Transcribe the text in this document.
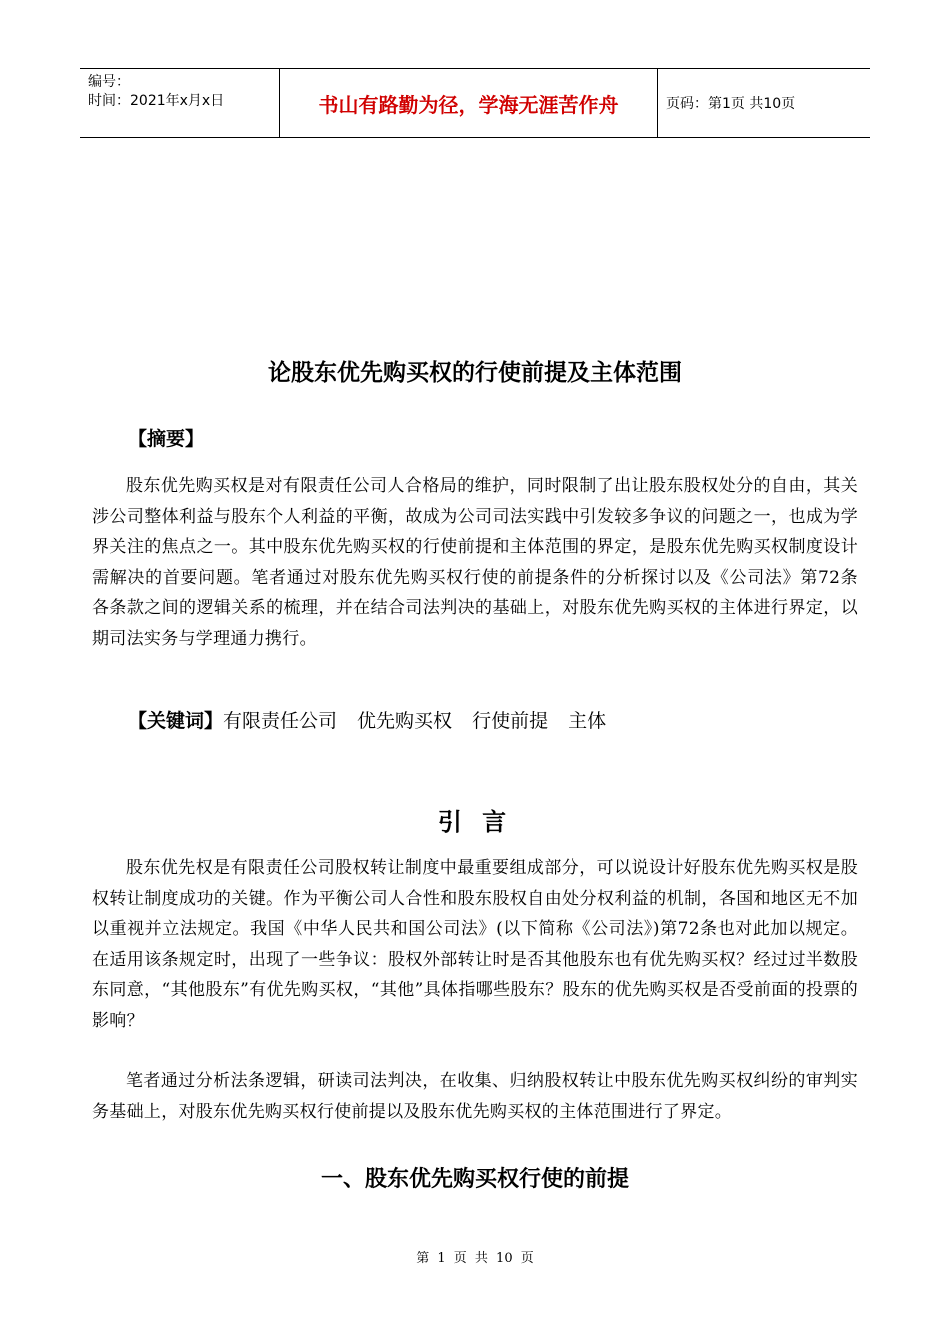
编号：
时间：2021年x月x日	书山有路勤为径，学海无涯苦作舟	页码：第1页 共10页
论股东优先购买权的行使前提及主体范围
【摘要】
股东优先购买权是对有限责任公司人合格局的维护，同时限制了出让股东股权处分的自由，其关涉公司整体利益与股东个人利益的平衡，故成为公司司法实践中引发较多争议的问题之一，也成为学界关注的焦点之一。其中股东优先购买权的行使前提和主体范围的界定，是股东优先购买权制度设计需解决的首要问题。笔者通过对股东优先购买权行使的前提条件的分析探讨以及《公司法》第72条各条款之间的逻辑关系的梳理，并在结合司法判决的基础上，对股东优先购买权的主体进行界定，以期司法实务与学理通力携行。
【关键词】有限责任公司 优先购买权 行使前提 主体
引 言
股东优先权是有限责任公司股权转让制度中最重要组成部分，可以说设计好股东优先购买权是股权转让制度成功的关键。作为平衡公司人合性和股东股权自由处分权利益的机制，各国和地区无不加以重视并立法规定。我国《中华人民共和国公司法》(以下简称《公司法》)第72条也对此加以规定。在适用该条规定时，出现了一些争议：股权外部转让时是否其他股东也有优先购买权？经过过半数股东同意，“其他股东”有优先购买权，“其他”具体指哪些股东？股东的优先购买权是否受前面的投票的影响？
笔者通过分析法条逻辑，研读司法判决，在收集、归纳股权转让中股东优先购买权纠纷的审判实务基础上，对股东优先购买权行使前提以及股东优先购买权的主体范围进行了界定。
一、股东优先购买权行使的前提
第 1 页 共 10 页
